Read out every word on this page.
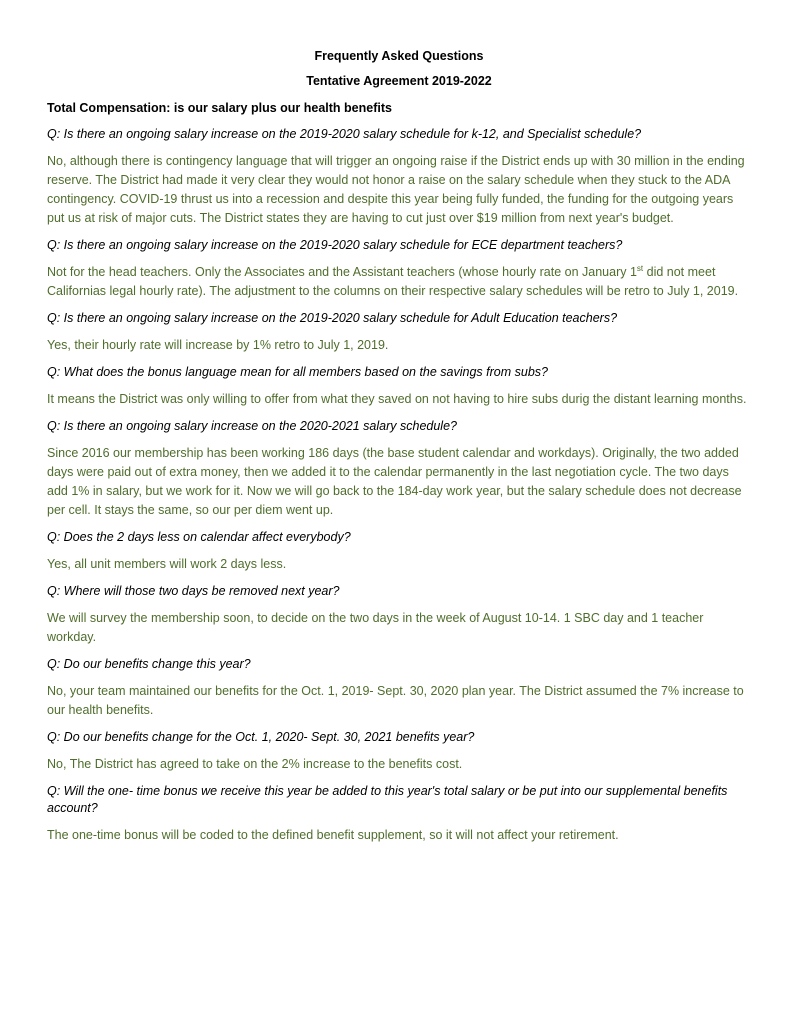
Frequently Asked Questions

Tentative Agreement 2019-2022

Total Compensation: is our salary plus our health benefits

Q: Is there an ongoing salary increase on the 2019-2020 salary schedule for k-12, and Specialist schedule?

No, although there is contingency language that will trigger an ongoing raise if the District ends up with 30 million in the ending reserve. The District had made it very clear they would not honor a raise on the salary schedule when they stuck to the ADA contingency. COVID-19 thrust us into a recession and despite this year being fully funded, the funding for the outgoing years put us at risk of major cuts. The District states they are having to cut just over $19 million from next year's budget.

Q: Is there an ongoing salary increase on the 2019-2020 salary schedule for ECE department teachers?

Not for the head teachers. Only the Associates and the Assistant teachers (whose hourly rate on January 1st did not meet Californias legal hourly rate). The adjustment to the columns on their respective salary schedules will be retro to July 1, 2019.

Q: Is there an ongoing salary increase on the 2019-2020 salary schedule for Adult Education teachers?

Yes, their hourly rate will increase by 1% retro to July 1, 2019.

Q: What does the bonus language mean for all members based on the savings from subs?

It means the District was only willing to offer from what they saved on not having to hire subs durig the distant learning months.

Q: Is there an ongoing salary increase on the 2020-2021 salary schedule?

Since 2016 our membership has been working 186 days (the base student calendar and workdays). Originally, the two added days were paid out of extra money, then we added it to the calendar permanently in the last negotiation cycle. The two days add 1% in salary, but we work for it. Now we will go back to the 184-day work year, but the salary schedule does not decrease per cell. It stays the same, so our per diem went up.

Q: Does the 2 days less on calendar affect everybody?

Yes, all unit members will work 2 days less.

Q: Where will those two days be removed next year?

We will survey the membership soon, to decide on the two days in the week of August 10-14. 1 SBC day and 1 teacher workday.

Q: Do our benefits change this year?

No, your team maintained our benefits for the Oct. 1, 2019- Sept. 30, 2020 plan year. The District assumed the 7% increase to our health benefits.

Q: Do our benefits change for the Oct. 1, 2020- Sept. 30, 2021 benefits year?

No, The District has agreed to take on the 2% increase to the benefits cost.

Q: Will the one- time bonus we receive this year be added to this year's total salary or be put into our supplemental benefits account?

The one-time bonus will be coded to the defined benefit supplement, so it will not affect your retirement.
